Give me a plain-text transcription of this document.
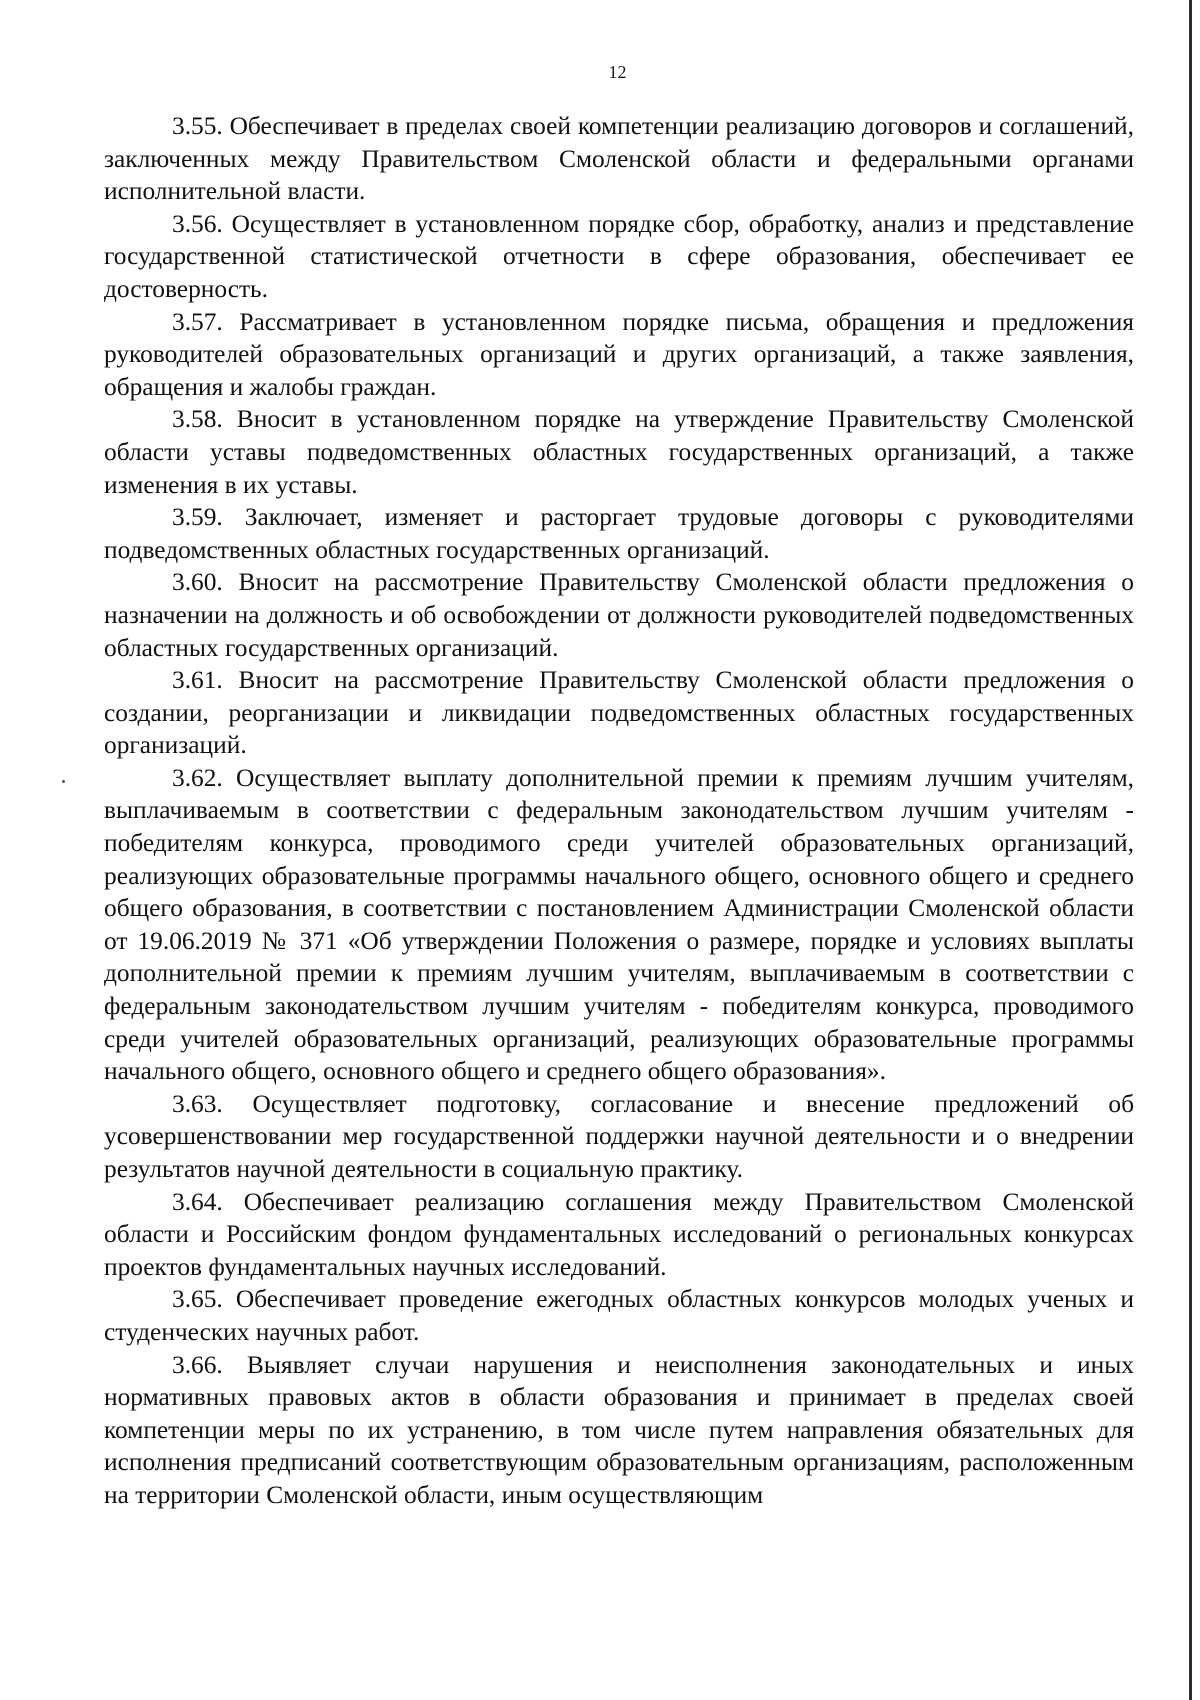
12

3.55. Обеспечивает в пределах своей компетенции реализацию договоров и соглашений, заключенных между Правительством Смоленской области и федеральными органами исполнительной власти.

3.56. Осуществляет в установленном порядке сбор, обработку, анализ и представление государственной статистической отчетности в сфере образования, обеспечивает ее достоверность.

3.57. Рассматривает в установленном порядке письма, обращения и предложения руководителей образовательных организаций и других организаций, а также заявления, обращения и жалобы граждан.

3.58. Вносит в установленном порядке на утверждение Правительству Смоленской области уставы подведомственных областных государственных организаций, а также изменения в их уставы.

3.59. Заключает, изменяет и расторгает трудовые договоры с руководителями подведомственных областных государственных организаций.

3.60. Вносит на рассмотрение Правительству Смоленской области предложения о назначении на должность и об освобождении от должности руководителей подведомственных областных государственных организаций.

3.61. Вносит на рассмотрение Правительству Смоленской области предложения о создании, реорганизации и ликвидации подведомственных областных государственных организаций.

3.62. Осуществляет выплату дополнительной премии к премиям лучшим учителям, выплачиваемым в соответствии с федеральным законодательством лучшим учителям - победителям конкурса, проводимого среди учителей образовательных организаций, реализующих образовательные программы начального общего, основного общего и среднего общего образования, в соответствии с постановлением Администрации Смоленской области от 19.06.2019 № 371 «Об утверждении Положения о размере, порядке и условиях выплаты дополнительной премии к премиям лучшим учителям, выплачиваемым в соответствии с федеральным законодательством лучшим учителям - победителям конкурса, проводимого среди учителей образовательных организаций, реализующих образовательные программы начального общего, основного общего и среднего общего образования».

3.63. Осуществляет подготовку, согласование и внесение предложений об усовершенствовании мер государственной поддержки научной деятельности и о внедрении результатов научной деятельности в социальную практику.

3.64. Обеспечивает реализацию соглашения между Правительством Смоленской области и Российским фондом фундаментальных исследований о региональных конкурсах проектов фундаментальных научных исследований.

3.65. Обеспечивает проведение ежегодных областных конкурсов молодых ученых и студенческих научных работ.

3.66. Выявляет случаи нарушения и неисполнения законодательных и иных нормативных правовых актов в области образования и принимает в пределах своей компетенции меры по их устранению, в том числе путем направления обязательных для исполнения предписаний соответствующим образовательным организациям, расположенным на территории Смоленской области, иным осуществляющим
